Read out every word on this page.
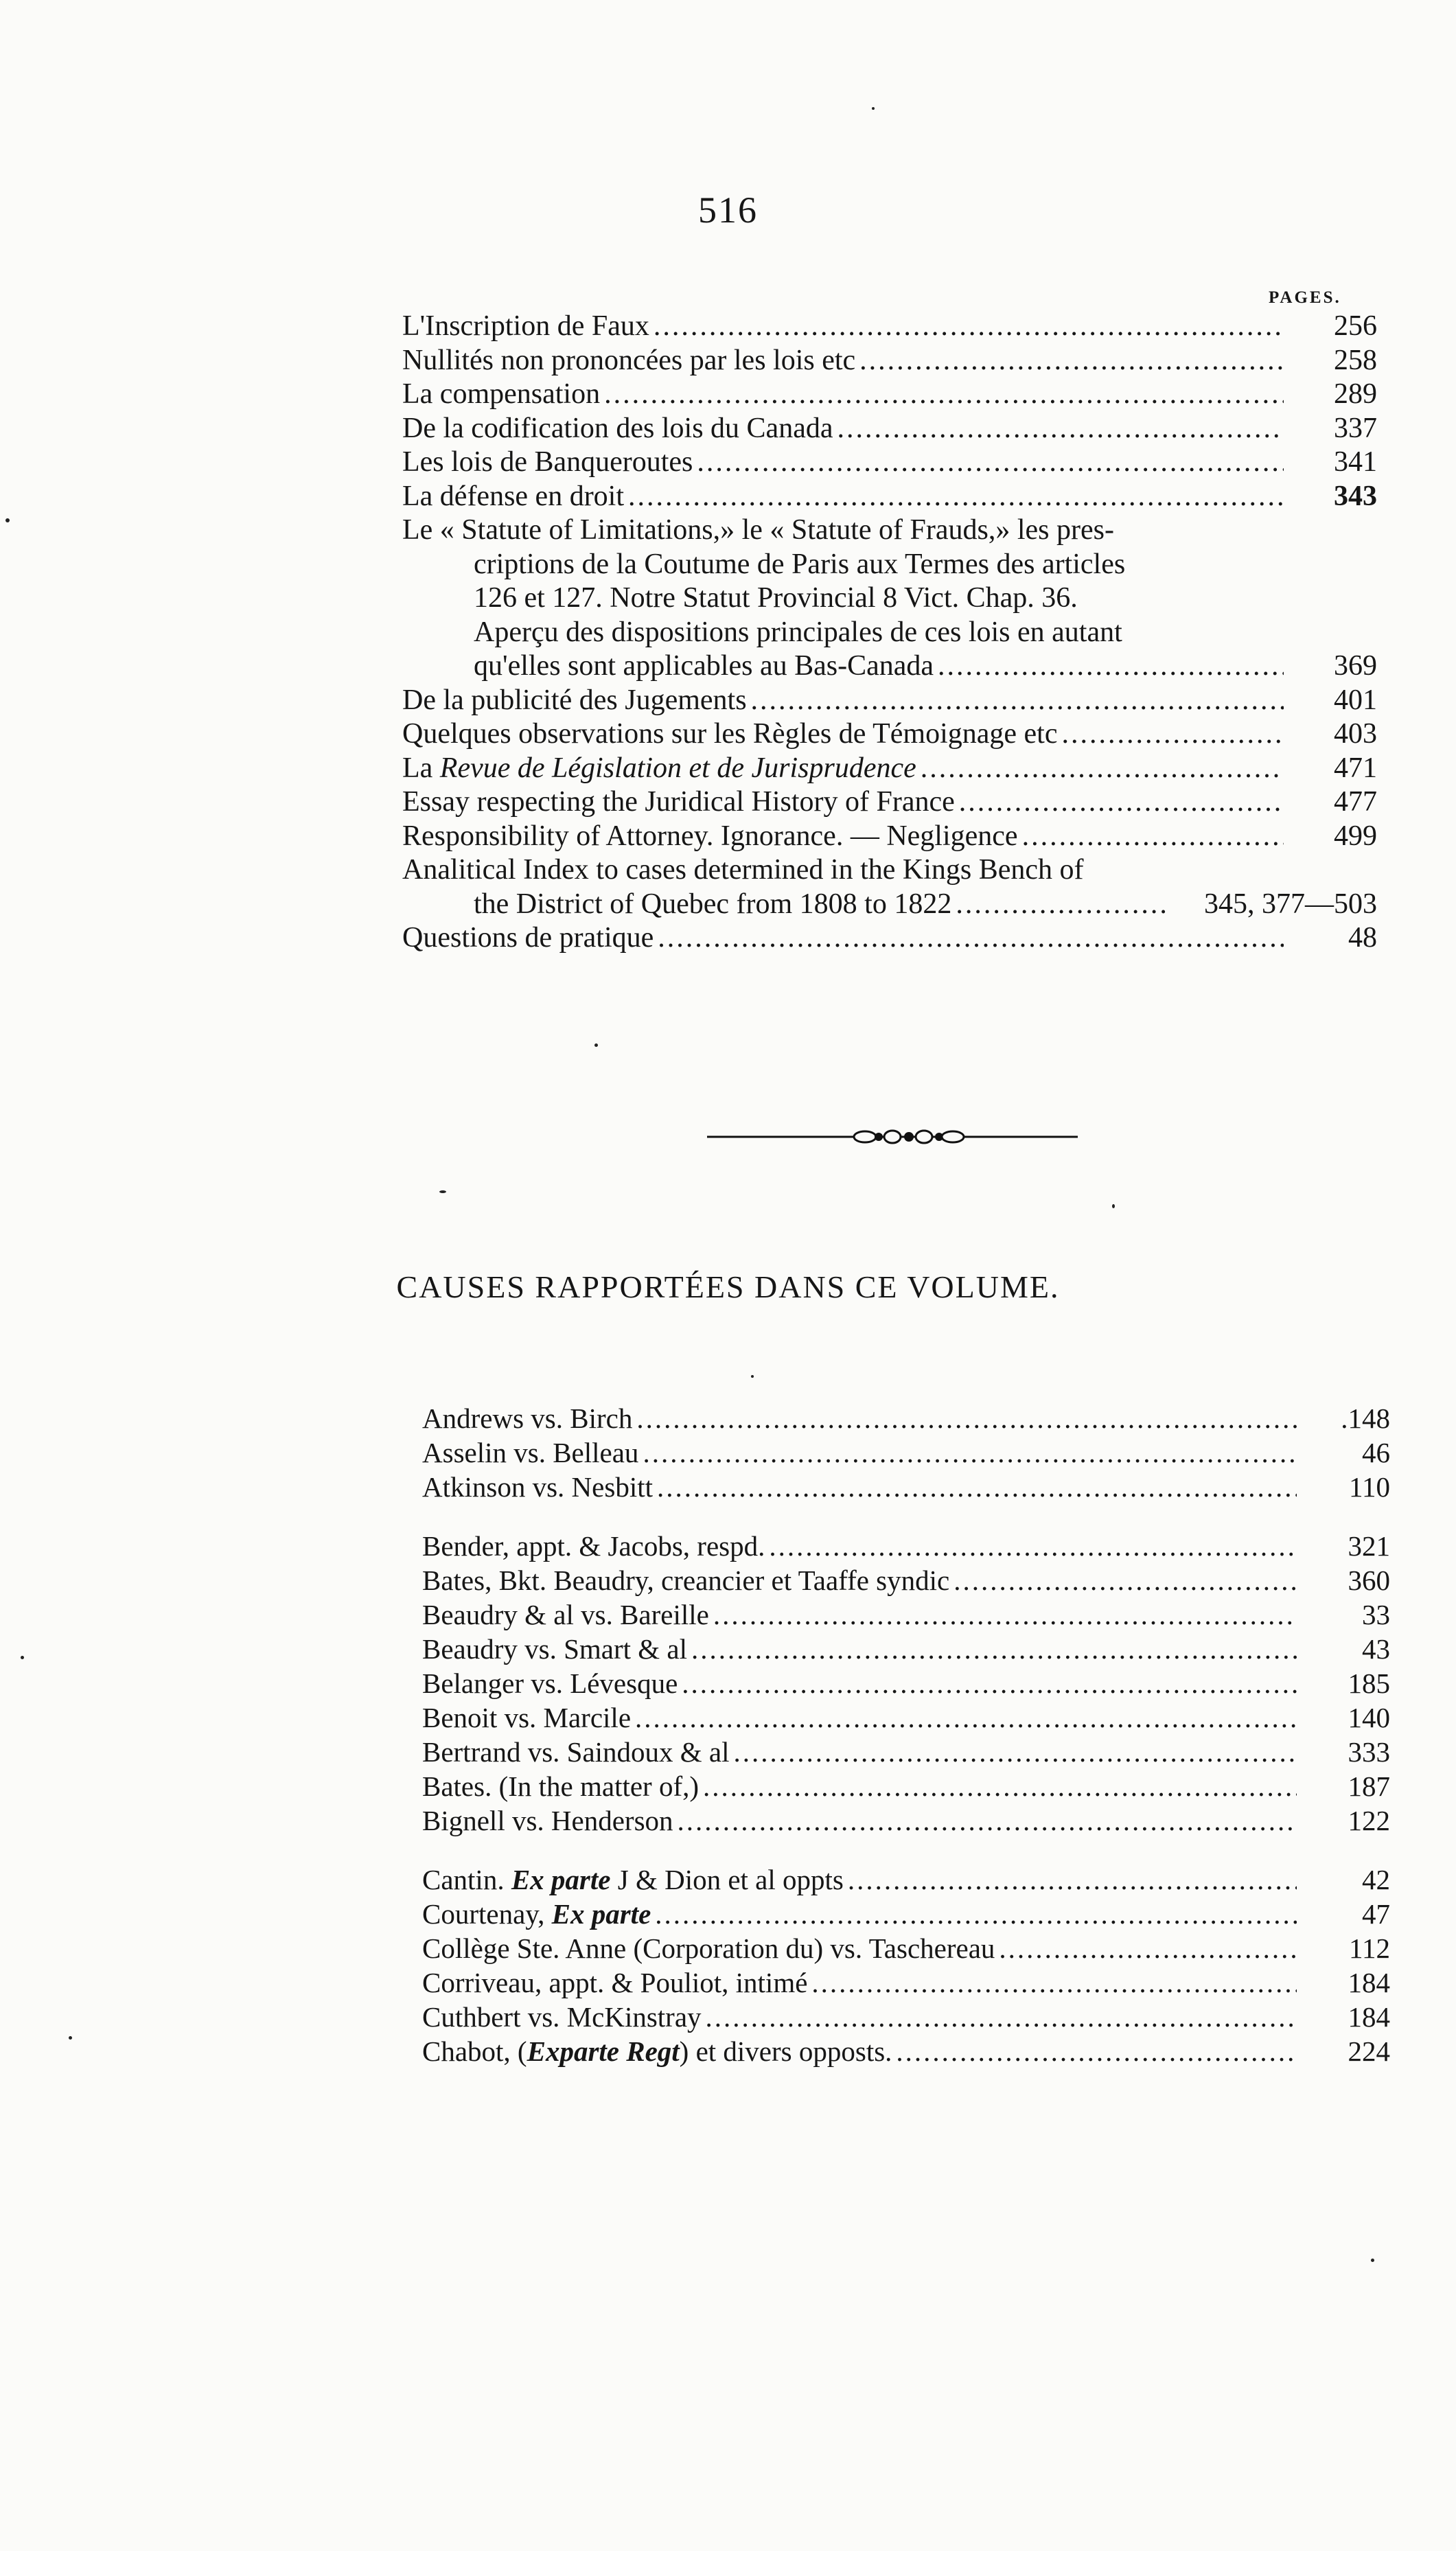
516
PAGES.
L'Inscription de Faux .....	256
Nullités non prononcées par les lois etc .....	258
La compensation .....	289
De la codification des lois du Canada .....	337
Les lois de Banqueroutes .....	341
La défense en droit .....	343
Le « Statute of Limitations,» le « Statute of Frauds,» les pres-
criptions de la Coutume de Paris aux Termes des articles
126 et 127. Notre Statut Provincial 8 Vict. Chap. 36.
Aperçu des dispositions principales de ces lois en autant
qu'elles sont applicables au Bas-Canada .....	369
De la publicité des Jugements .....	401
Quelques observations sur les Règles de Témoignage etc .....	403
La Revue de Législation et de Jurisprudence .....	471
Essay respecting the Juridical History of France .....	477
Responsibility of Attorney. Ignorance. — Negligence .....	499
Analitical Index to cases determined in the Kings Bench of
the District of Quebec from 1808 to 1822 .....	345, 377—503
Questions de pratique .....	48
CAUSES RAPPORTÉES DANS CE VOLUME.
Andrews vs. Birch .....	.148
Asselin vs. Belleau .....	46
Atkinson vs. Nesbitt .....	110
Bender, appt. & Jacobs, respd. .....	321
Bates, Bkt. Beaudry, creancier et Taaffe syndic .....	360
Beaudry & al vs. Bareille .....	33
Beaudry vs. Smart & al .....	43
Belanger vs. Lévesque .....	185
Benoit vs. Marcile .....	140
Bertrand vs. Saindoux & al .....	333
Bates. (In the matter of,) .....	187
Bignell vs. Henderson .....	122
Cantin. Ex parte J & Dion et al oppts .....	42
Courtenay, Ex parte .....	47
Collège Ste. Anne (Corporation du) vs. Taschereau .....	112
Corriveau, appt. & Pouliot, intimé .....	184
Cuthbert vs. McKinstray .....	184
Chabot, (Exparte Regt) et divers opposts. .....	224
